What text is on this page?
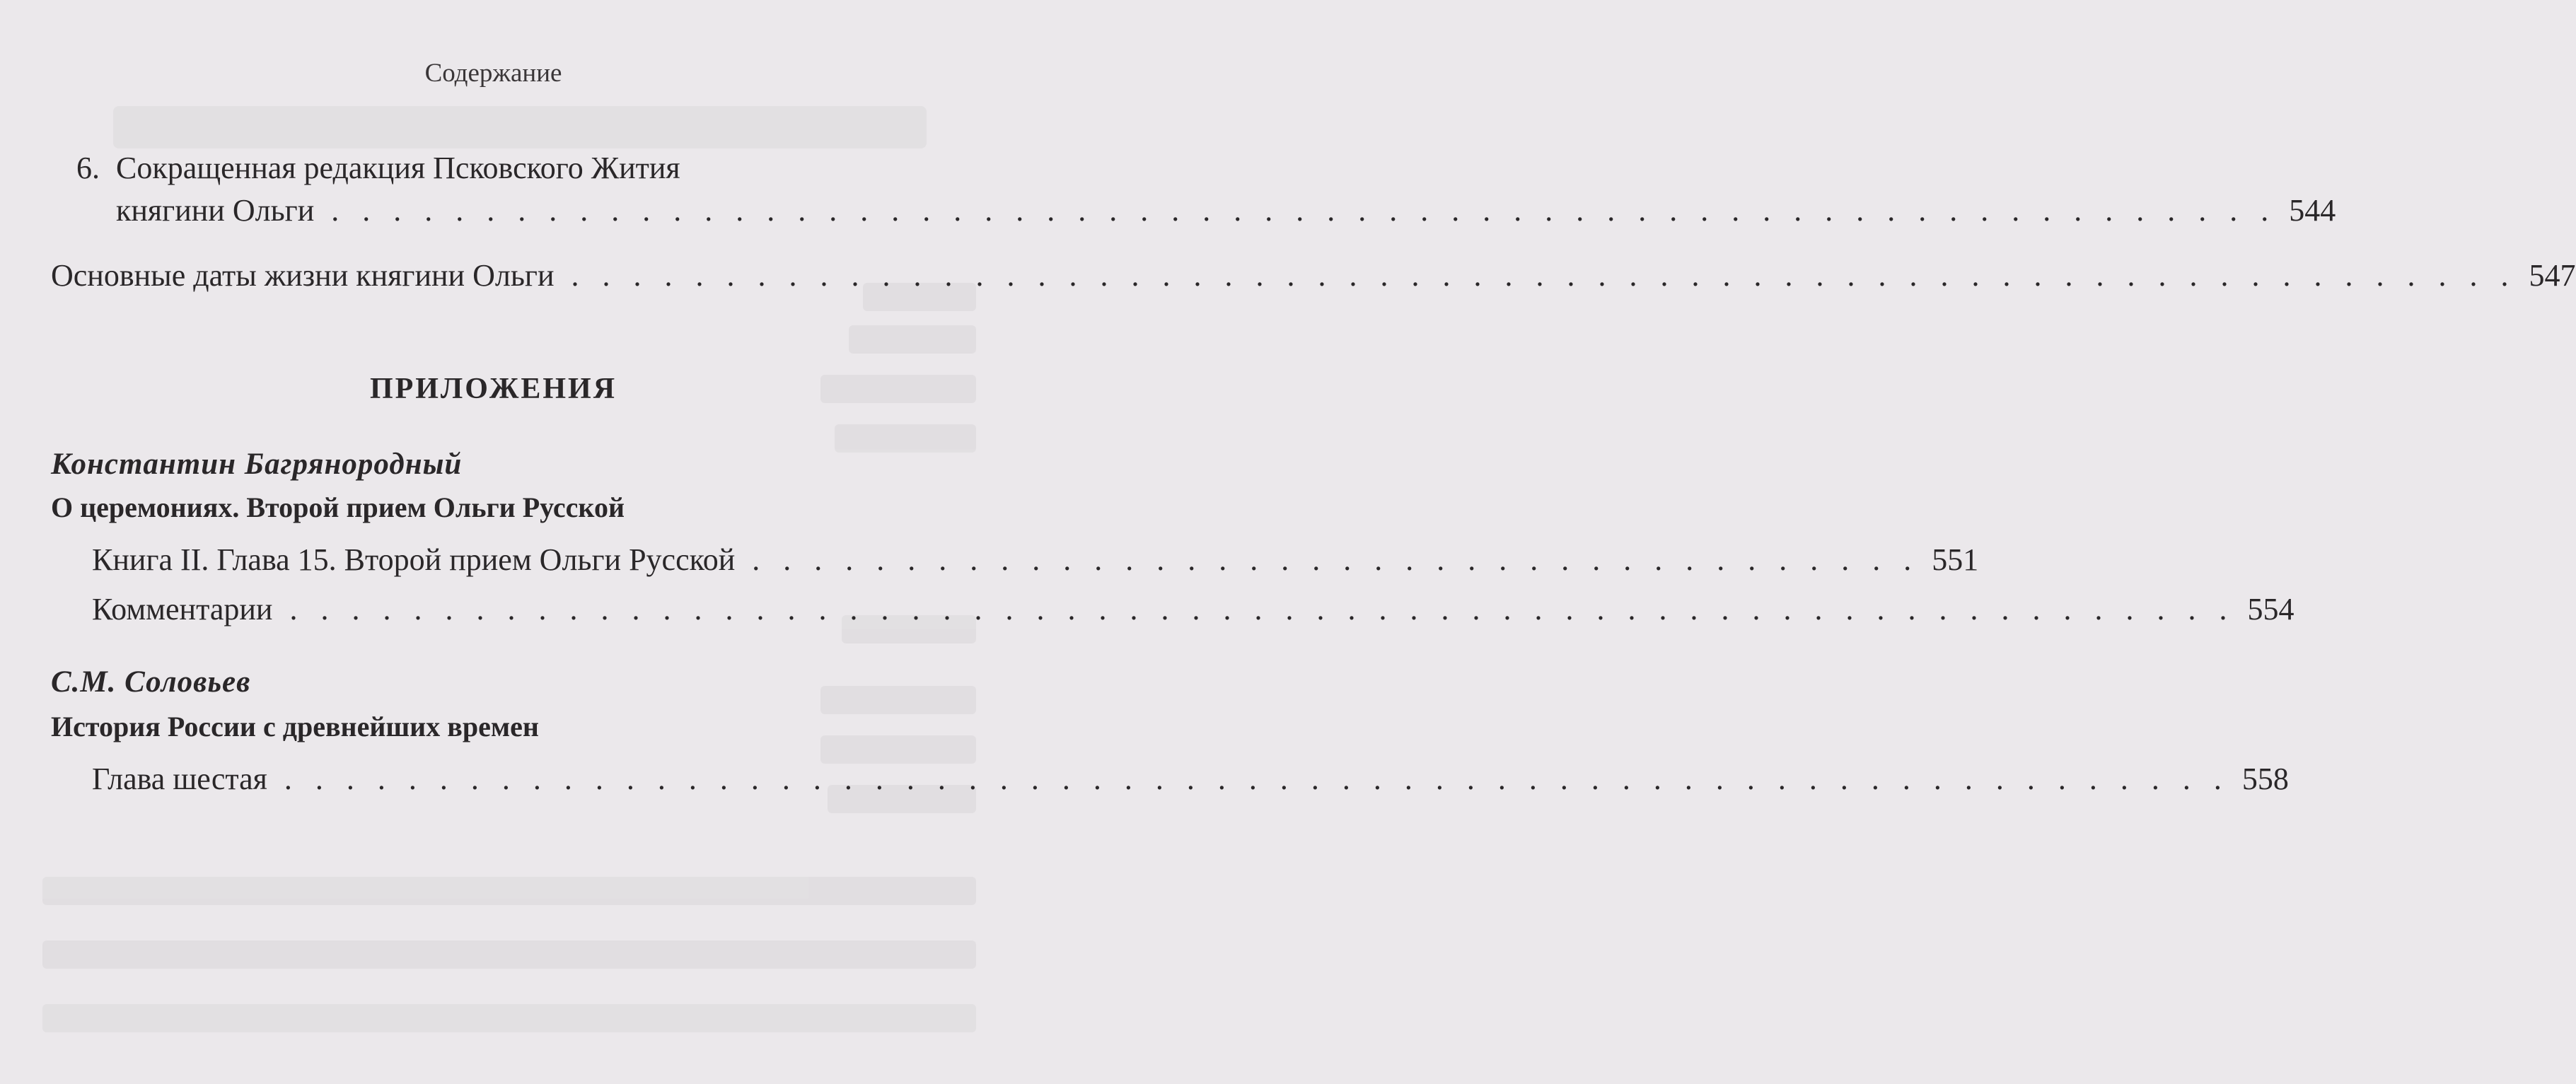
Содержание
6. Сокращенная редакция Псковского Жития
княгини Ольги . . . . . . . . . . . . . . . . . . . . . . . . . . . . . . . . . . . . . . . . . . . . . . . . . . . . . . . . . . . . . . . 544
Основные даты жизни княгини Ольги . . . . . . . . . . . . . . . . . . . . . . . . . . . . . . . . . . . . . . . . . . . . . . . . . . . . . . . . . . . . . . . 547
ПРИЛОЖЕНИЯ
Константин Багрянородный
О церемониях. Второй прием Ольги Русской
Книга II. Глава 15. Второй прием Ольги Русской . . . . . . . . . . . . . . . . . . . . . . . . . . . . . . . . . . . . . . 551
Комментарии . . . . . . . . . . . . . . . . . . . . . . . . . . . . . . . . . . . . . . . . . . . . . . . . . . . . . . . . . . . . . . . 554
С.М. Соловьев
История России с древнейших времен
Глава шестая . . . . . . . . . . . . . . . . . . . . . . . . . . . . . . . . . . . . . . . . . . . . . . . . . . . . . . . . . . . . . . . 558
